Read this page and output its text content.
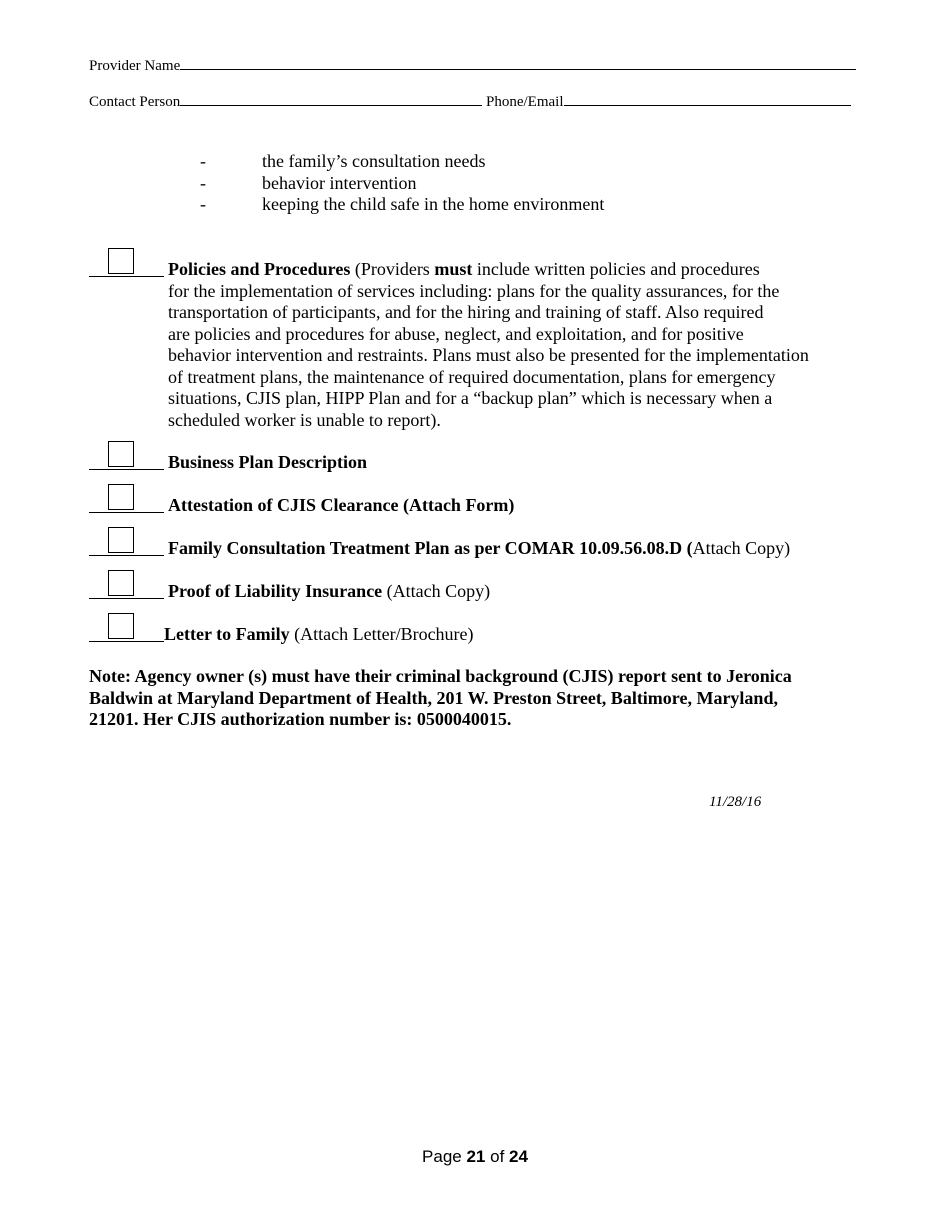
Provider Name
Contact Person	Phone/Email
-	the family’s consultation needs
-	behavior intervention
-	keeping the child safe in the home environment
Policies and Procedures (Providers must include written policies and procedures
for the implementation of services including: plans for the quality assurances, for the
transportation of participants, and for the hiring and training of staff. Also required
are policies and procedures for abuse, neglect, and exploitation, and for positive
behavior intervention and restraints. Plans must also be presented for the implementation
of treatment plans, the maintenance of required documentation, plans for emergency
situations, CJIS plan, HIPP Plan and for a “backup plan” which is necessary when a
scheduled worker is unable to report).
Business Plan Description
Attestation of CJIS Clearance (Attach Form)
Family Consultation Treatment Plan as per COMAR 10.09.56.08.D (Attach Copy)
Proof of Liability Insurance (Attach Copy)
Letter to Family (Attach Letter/Brochure)
Note: Agency owner (s) must have their criminal background (CJIS) report sent to Jeronica
Baldwin at Maryland Department of Health, 201 W. Preston Street, Baltimore, Maryland,
21201. Her CJIS authorization number is: 0500040015.
11/28/16
Page 21 of 24
